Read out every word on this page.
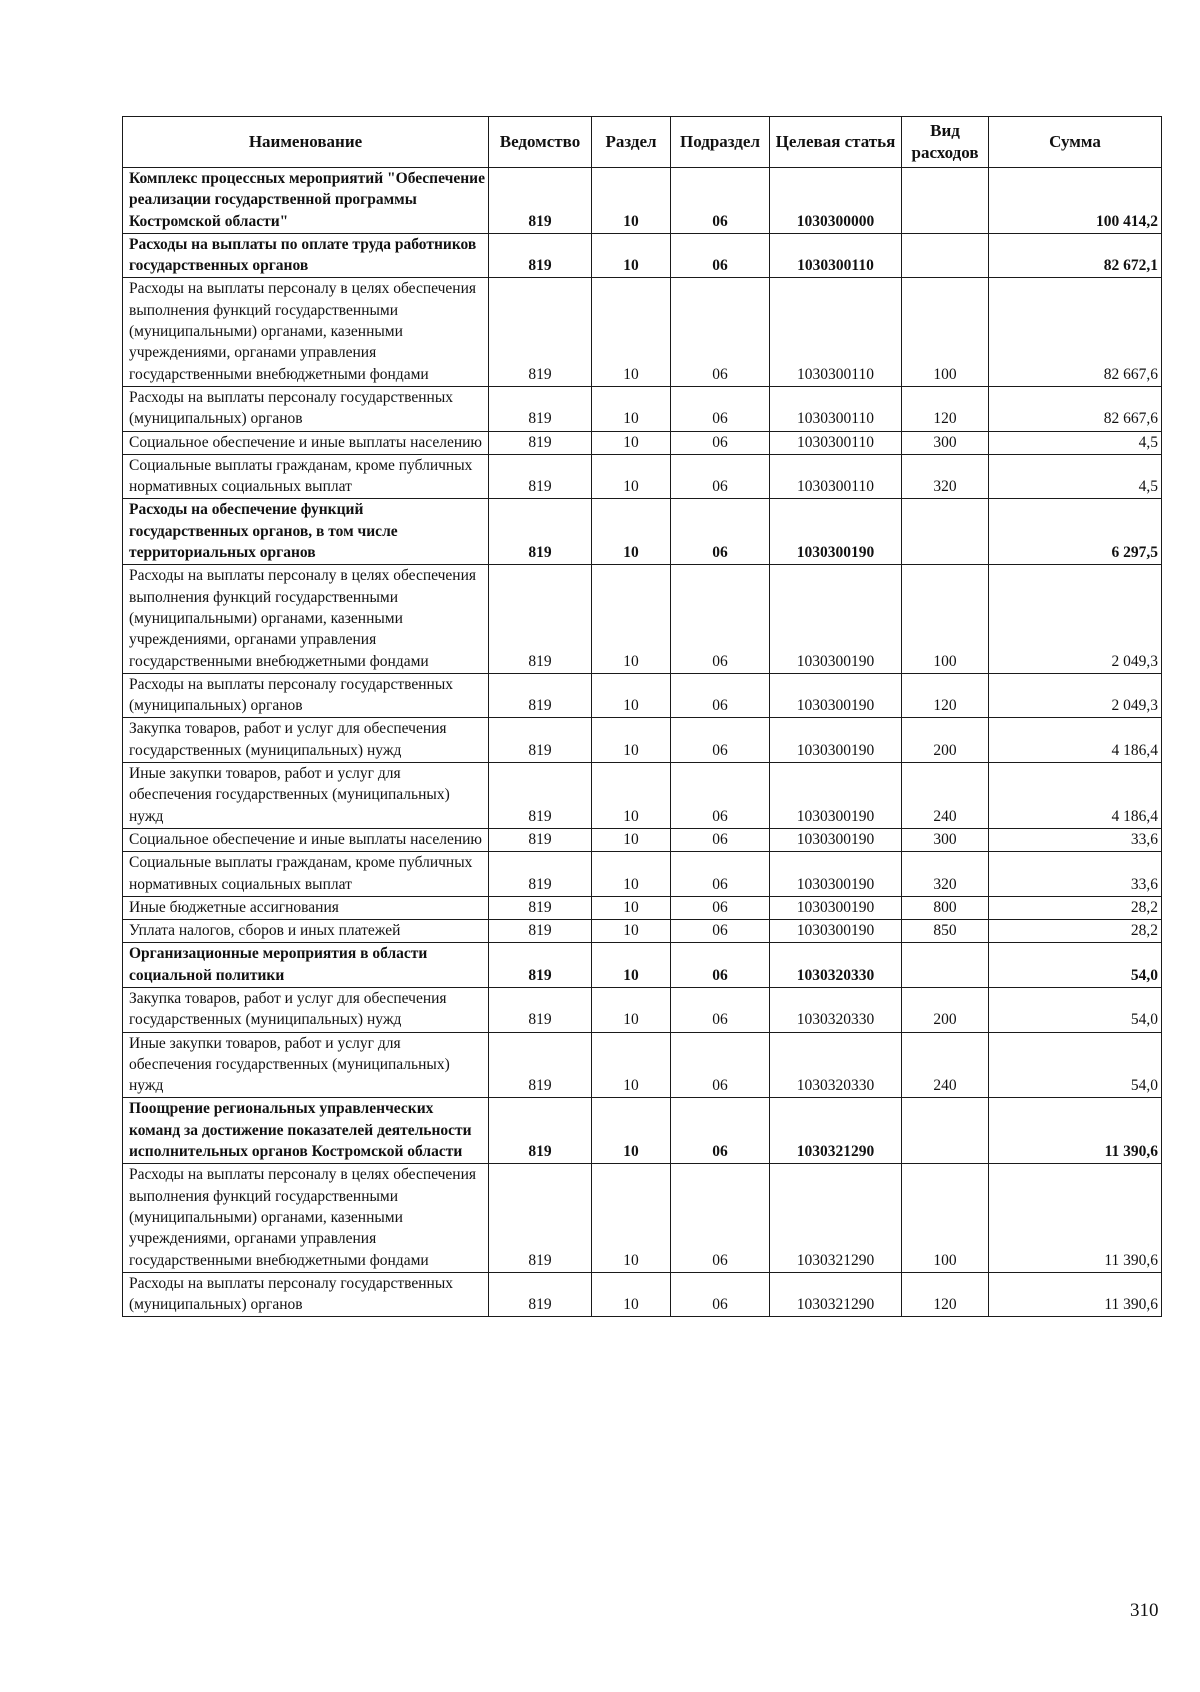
Наименование	Ведомство	Раздел	Подраздел	Целевая статья	Вид расходов	Сумма
Комплекс процессных мероприятий "Обеспечение реализации государственной программы Костромской области"	819	10	06	1030300000		100 414,2
Расходы на выплаты по оплате труда работников государственных органов	819	10	06	1030300110		82 672,1
Расходы на выплаты персоналу в целях обеспечения выполнения функций государственными (муниципальными) органами, казенными учреждениями, органами управления государственными внебюджетными фондами	819	10	06	1030300110	100	82 667,6
Расходы на выплаты персоналу государственных (муниципальных) органов	819	10	06	1030300110	120	82 667,6
Социальное обеспечение и иные выплаты населению	819	10	06	1030300110	300	4,5
Социальные выплаты гражданам, кроме публичных нормативных социальных выплат	819	10	06	1030300110	320	4,5
Расходы на обеспечение функций государственных органов, в том числе территориальных органов	819	10	06	1030300190		6 297,5
Расходы на выплаты персоналу в целях обеспечения выполнения функций государственными (муниципальными) органами, казенными учреждениями, органами управления государственными внебюджетными фондами	819	10	06	1030300190	100	2 049,3
Расходы на выплаты персоналу государственных (муниципальных) органов	819	10	06	1030300190	120	2 049,3
Закупка товаров, работ и услуг для обеспечения государственных (муниципальных) нужд	819	10	06	1030300190	200	4 186,4
Иные закупки товаров, работ и услуг для обеспечения государственных (муниципальных) нужд	819	10	06	1030300190	240	4 186,4
Социальное обеспечение и иные выплаты населению	819	10	06	1030300190	300	33,6
Социальные выплаты гражданам, кроме публичных нормативных социальных выплат	819	10	06	1030300190	320	33,6
Иные бюджетные ассигнования	819	10	06	1030300190	800	28,2
Уплата налогов, сборов и иных платежей	819	10	06	1030300190	850	28,2
Организационные мероприятия в области социальной политики	819	10	06	1030320330		54,0
Закупка товаров, работ и услуг для обеспечения государственных (муниципальных) нужд	819	10	06	1030320330	200	54,0
Иные закупки товаров, работ и услуг для обеспечения государственных (муниципальных) нужд	819	10	06	1030320330	240	54,0
Поощрение региональных управленческих команд за достижение показателей деятельности исполнительных органов Костромской области	819	10	06	1030321290		11 390,6
Расходы на выплаты персоналу в целях обеспечения выполнения функций государственными (муниципальными) органами, казенными учреждениями, органами управления государственными внебюджетными фондами	819	10	06	1030321290	100	11 390,6
Расходы на выплаты персоналу государственных (муниципальных) органов	819	10	06	1030321290	120	11 390,6
310
